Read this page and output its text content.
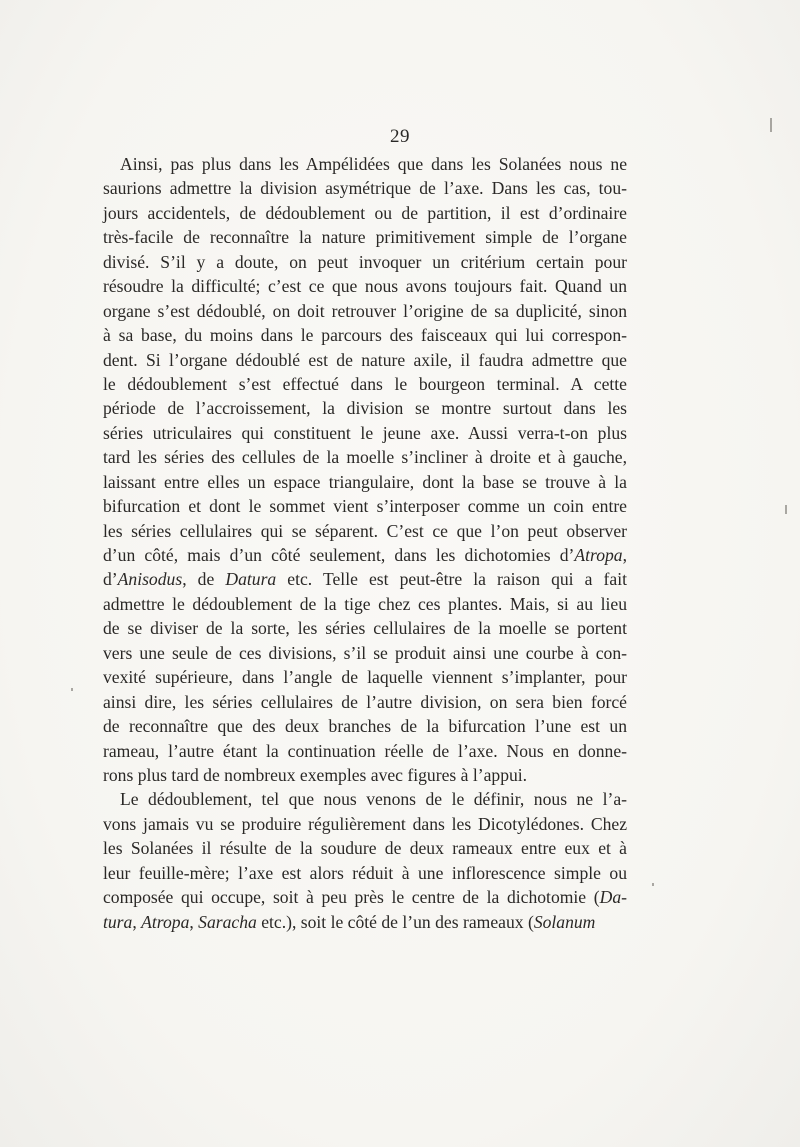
29

Ainsi, pas plus dans les Ampélidées que dans les Solanées nous ne
saurions admettre la division asymétrique de l’axe. Dans les cas, tou-
jours accidentels, de dédoublement ou de partition, il est d’ordinaire
très-facile de reconnaître la nature primitivement simple de l’organe
divisé. S’il y a doute, on peut invoquer un critérium certain pour
résoudre la difficulté; c’est ce que nous avons toujours fait. Quand un
organe s’est dédoublé, on doit retrouver l’origine de sa duplicité, sinon
à sa base, du moins dans le parcours des faisceaux qui lui correspon-
dent. Si l’organe dédoublé est de nature axile, il faudra admettre que
le dédoublement s’est effectué dans le bourgeon terminal. A cette
période de l’accroissement, la division se montre surtout dans les
séries utriculaires qui constituent le jeune axe. Aussi verra-t-on plus
tard les séries des cellules de la moelle s’incliner à droite et à gauche,
laissant entre elles un espace triangulaire, dont la base se trouve à la
bifurcation et dont le sommet vient s’interposer comme un coin entre
les séries cellulaires qui se séparent. C’est ce que l’on peut observer
d’un côté, mais d’un côté seulement, dans les dichotomies d’Atropa,
d’Anisodus, de Datura etc. Telle est peut-être la raison qui a fait
admettre le dédoublement de la tige chez ces plantes. Mais, si au lieu
de se diviser de la sorte, les séries cellulaires de la moelle se portent
vers une seule de ces divisions, s’il se produit ainsi une courbe à con-
vexité supérieure, dans l’angle de laquelle viennent s’implanter, pour
ainsi dire, les séries cellulaires de l’autre division, on sera bien forcé
de reconnaître que des deux branches de la bifurcation l’une est un
rameau, l’autre étant la continuation réelle de l’axe. Nous en donne-
rons plus tard de nombreux exemples avec figures à l’appui.
Le dédoublement, tel que nous venons de le définir, nous ne l’a-
vons jamais vu se produire régulièrement dans les Dicotylédones. Chez
les Solanées il résulte de la soudure de deux rameaux entre eux et à
leur feuille-mère; l’axe est alors réduit à une inflorescence simple ou
composée qui occupe, soit à peu près le centre de la dichotomie (Da-
tura, Atropa, Saracha etc.), soit le côté de l’un des rameaux (Solanum
